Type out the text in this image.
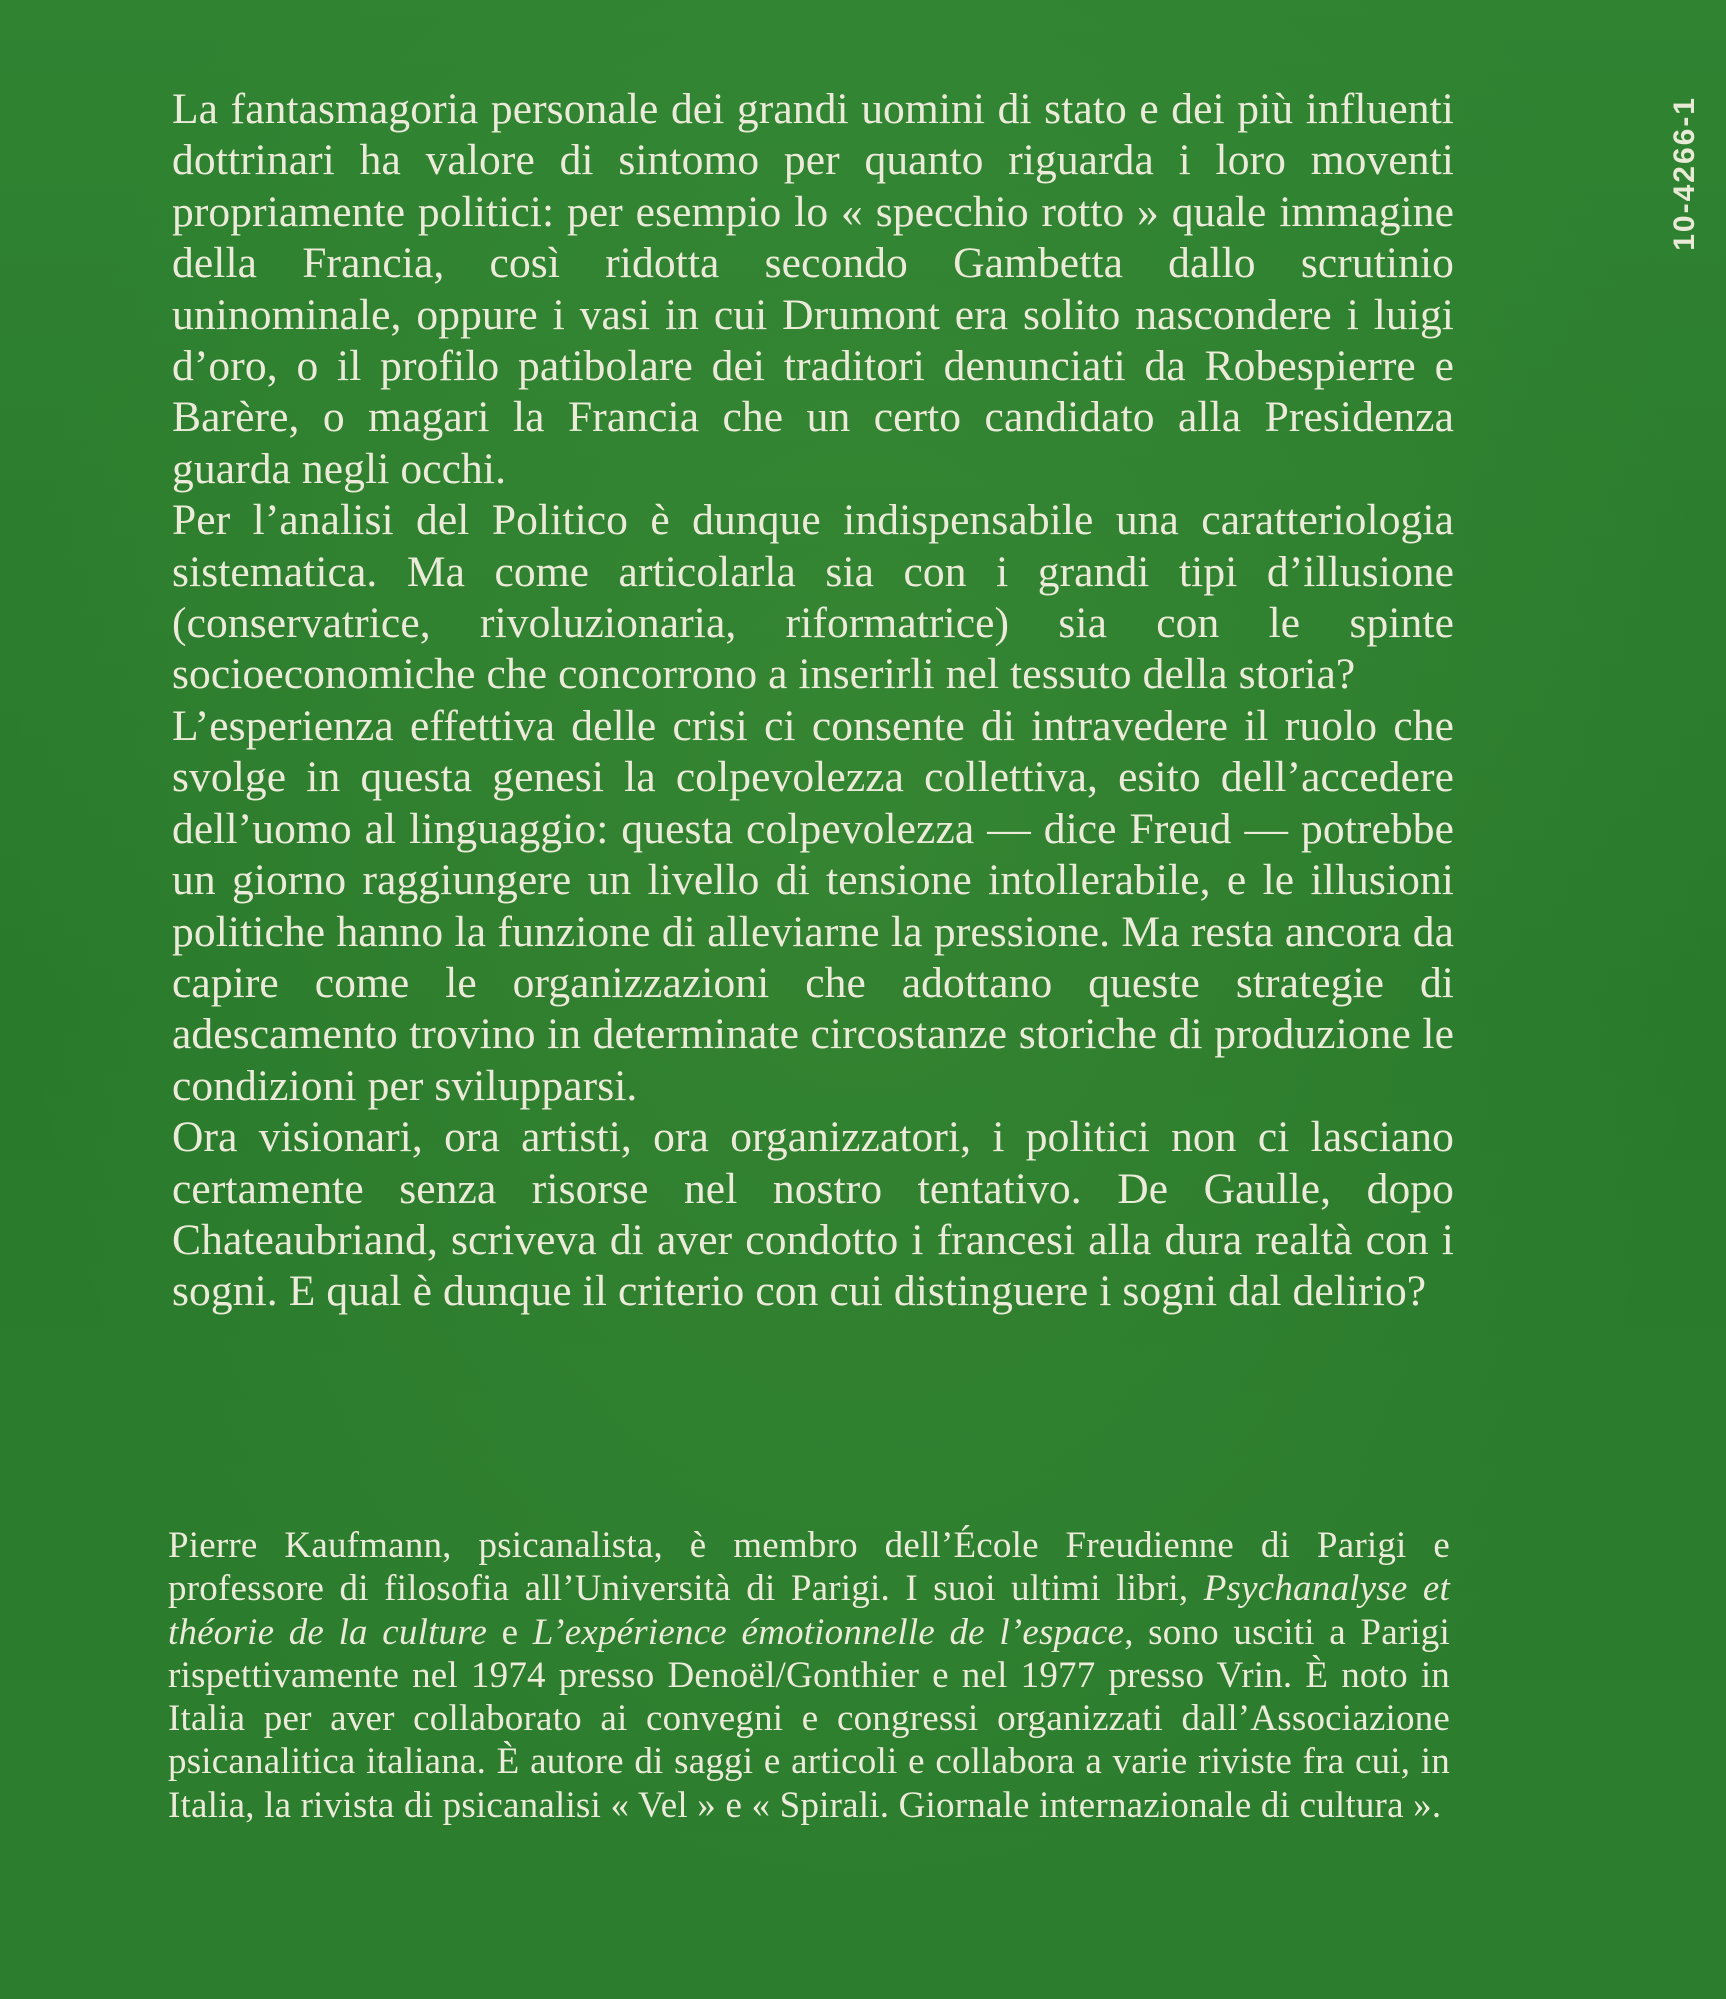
10-4266-1

La fantasmagoria personale dei grandi uomini di stato e dei più influenti dottrinari ha valore di sintomo per quanto riguarda i loro moventi propriamente politici: per esempio lo « specchio rotto » quale immagine della Francia, così ridotta secondo Gambetta dallo scrutinio uninominale, oppure i vasi in cui Drumont era solito nascondere i luigi d’oro, o il profilo patibolare dei traditori denunciati da Robespierre e Barère, o magari la Francia che un certo candidato alla Presidenza guarda negli occhi.

Per l’analisi del Politico è dunque indispensabile una caratteriologia sistematica. Ma come articolarla sia con i grandi tipi d’illusione (conservatrice, rivoluzionaria, riformatrice) sia con le spinte socioeconomiche che concorrono a inserirli nel tessuto della storia?

L’esperienza effettiva delle crisi ci consente di intravedere il ruolo che svolge in questa genesi la colpevolezza collettiva, esito dell’accedere dell’uomo al linguaggio: questa colpevolezza — dice Freud — potrebbe un giorno raggiungere un livello di tensione intollerabile, e le illusioni politiche hanno la funzione di alleviarne la pressione. Ma resta ancora da capire come le organizzazioni che adottano queste strategie di adescamento trovino in determinate circostanze storiche di produzione le condizioni per svilupparsi.

Ora visionari, ora artisti, ora organizzatori, i politici non ci lasciano certamente senza risorse nel nostro tentativo. De Gaulle, dopo Chateaubriand, scriveva di aver condotto i francesi alla dura realtà con i sogni. E qual è dunque il criterio con cui distinguere i sogni dal delirio?

Pierre Kaufmann, psicanalista, è membro dell’École Freudienne di Parigi e professore di filosofia all’Università di Parigi. I suoi ultimi libri, Psychanalyse et théorie de la culture e L’expérience émotionnelle de l’espace, sono usciti a Parigi rispettivamente nel 1974 presso Denoël/Gonthier e nel 1977 presso Vrin. È noto in Italia per aver collaborato ai convegni e congressi organizzati dall’Associazione psicanalitica italiana. È autore di saggi e articoli e collabora a varie riviste fra cui, in Italia, la rivista di psicanalisi « Vel » e « Spirali. Giornale internazionale di cultura ».
